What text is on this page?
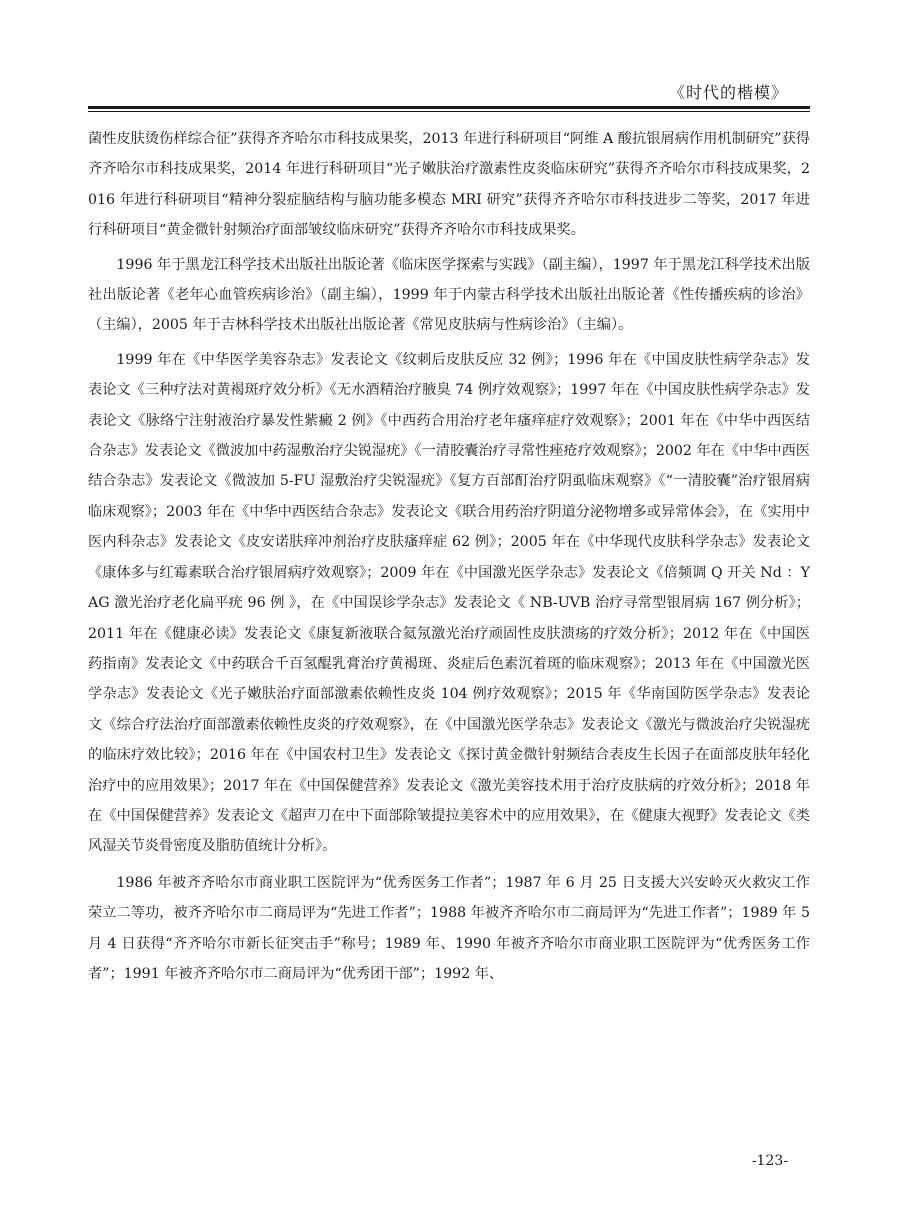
《时代的楷模》

菌性皮肤烫伤样综合征”获得齐齐哈尔市科技成果奖，2013 年进行科研项目“阿维 A 酸抗银屑病作用机制研究”获得齐齐哈尔市科技成果奖，2014 年进行科研项目“光子嫩肤治疗激素性皮炎临床研究”获得齐齐哈尔市科技成果奖，2016 年进行科研项目“精神分裂症脑结构与脑功能多模态 MRI 研究”获得齐齐哈尔市科技进步二等奖，2017 年进行科研项目“黄金微针射频治疗面部皱纹临床研究”获得齐齐哈尔市科技成果奖。

1996 年于黑龙江科学技术出版社出版论著《临床医学探索与实践》（副主编），1997 年于黑龙江科学技术出版社出版论著《老年心血管疾病诊治》（副主编），1999 年于内蒙古科学技术出版社出版论著《性传播疾病的诊治》（主编），2005 年于吉林科学技术出版社出版论著《常见皮肤病与性病诊治》（主编）。

1999 年在《中华医学美容杂志》发表论文《纹刺后皮肤反应 32 例》；1996 年在《中国皮肤性病学杂志》发表论文《三种疗法对黄褐斑疗效分析》《无水酒精治疗腋臭 74 例疗效观察》；1997 年在《中国皮肤性病学杂志》发表论文《脉络宁注射液治疗暴发性紫癜 2 例》《中西药合用治疗老年瘙痒症疗效观察》；2001 年在《中华中西医结合杂志》发表论文《微波加中药湿敷治疗尖锐湿疣》《一清胶囊治疗寻常性痤疮疗效观察》；2002 年在《中华中西医结合杂志》发表论文《微波加 5-FU 湿敷治疗尖锐湿疣》《复方百部酊治疗阴虱临床观察》《“一清胶囊”治疗银屑病临床观察》；2003 年在《中华中西医结合杂志》发表论文《联合用药治疗阴道分泌物增多或异常体会》，在《实用中医内科杂志》发表论文《皮安诺肤痒冲剂治疗皮肤瘙痒症 62 例》；2005 年在《中华现代皮肤科学杂志》发表论文《康体多与红霉素联合治疗银屑病疗效观察》；2009 年在《中国激光医学杂志》发表论文《倍频调 Q 开关 Nd ：YAG 激光治疗老化扁平疣 96 例 》，在《中国误诊学杂志》发表论文《 NB-UVB 治疗寻常型银屑病 167 例分析》；2011 年在《健康必读》发表论文《康复新液联合氦氖激光治疗顽固性皮肤溃疡的疗效分析》；2012 年在《中国医药指南》发表论文《中药联合千百氢醌乳膏治疗黄褐斑、炎症后色素沉着斑的临床观察》；2013 年在《中国激光医学杂志》发表论文《光子嫩肤治疗面部激素依赖性皮炎 104 例疗效观察》；2015 年《华南国防医学杂志》发表论文《综合疗法治疗面部激素依赖性皮炎的疗效观察》，在《中国激光医学杂志》发表论文《激光与微波治疗尖锐湿疣的临床疗效比较》；2016 年在《中国农村卫生》发表论文《探讨黄金微针射频结合表皮生长因子在面部皮肤年轻化治疗中的应用效果》；2017 年在《中国保健营养》发表论文《激光美容技术用于治疗皮肤病的疗效分析》；2018 年在《中国保健营养》发表论文《超声刀在中下面部除皱提拉美容术中的应用效果》，在《健康大视野》发表论文《类风湿关节炎骨密度及脂肪值统计分析》。

1986 年被齐齐哈尔市商业职工医院评为“优秀医务工作者”；1987 年 6 月 25 日支援大兴安岭灭火救灾工作荣立二等功，被齐齐哈尔市二商局评为“先进工作者”；1988 年被齐齐哈尔市二商局评为“先进工作者”；1989 年 5 月 4 日获得“齐齐哈尔市新长征突击手”称号；1989 年、1990 年被齐齐哈尔市商业职工医院评为“优秀医务工作者”；1991 年被齐齐哈尔市二商局评为“优秀团干部”；1992 年、

-123-
